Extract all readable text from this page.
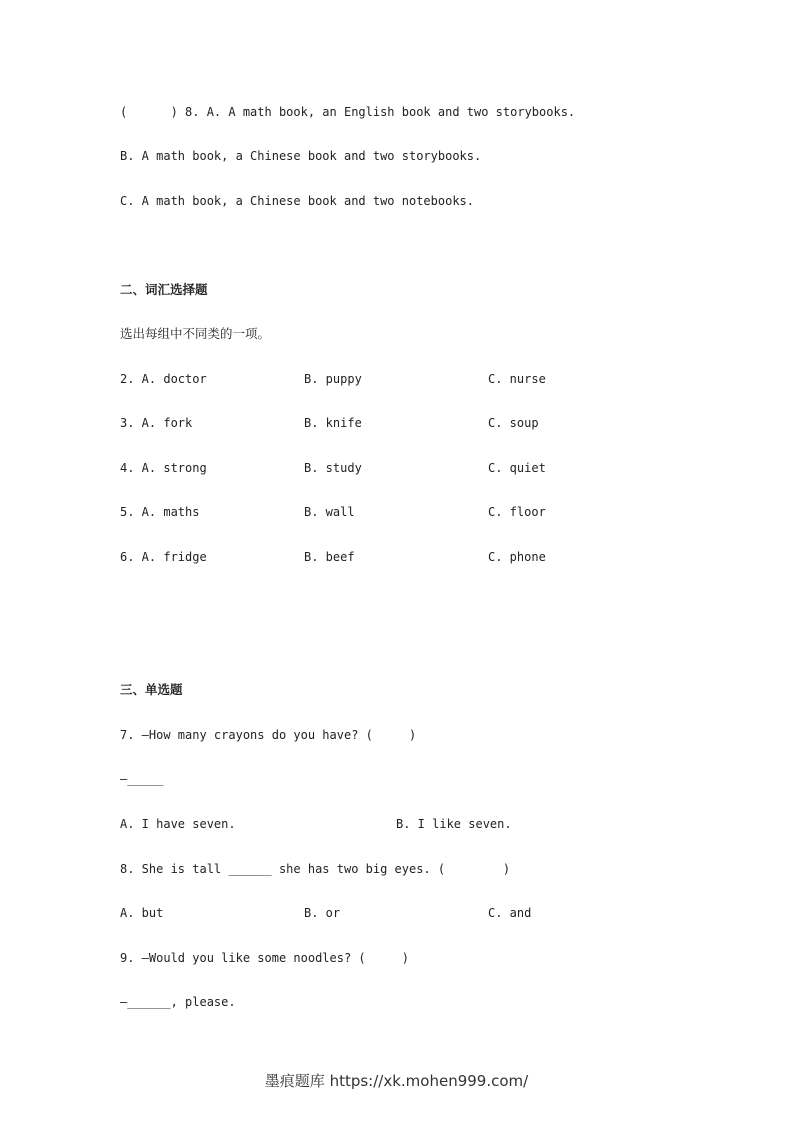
(      ) 8. A. A math book, an English book and two storybooks.
B. A math book, a Chinese book and two storybooks.
C. A math book, a Chinese book and two notebooks.
二、词汇选择题
选出每组中不同类的一项。
2. A. doctor	B. puppy	C. nurse
3. A. fork	B. knife	C. soup
4. A. strong	B. study	C. quiet
5. A. maths	B. wall	C. floor
6. A. fridge	B. beef	C. phone
三、单选题
7. —How many crayons do you have? (     )
—_____
A. I have seven.	B. I like seven.
8. She is tall ______ she has two big eyes. (        )
A. but	B. or	C. and
9. —Would you like some noodles? (     )
—______, please.
墨痕题库 https://xk.mohen999.com/
